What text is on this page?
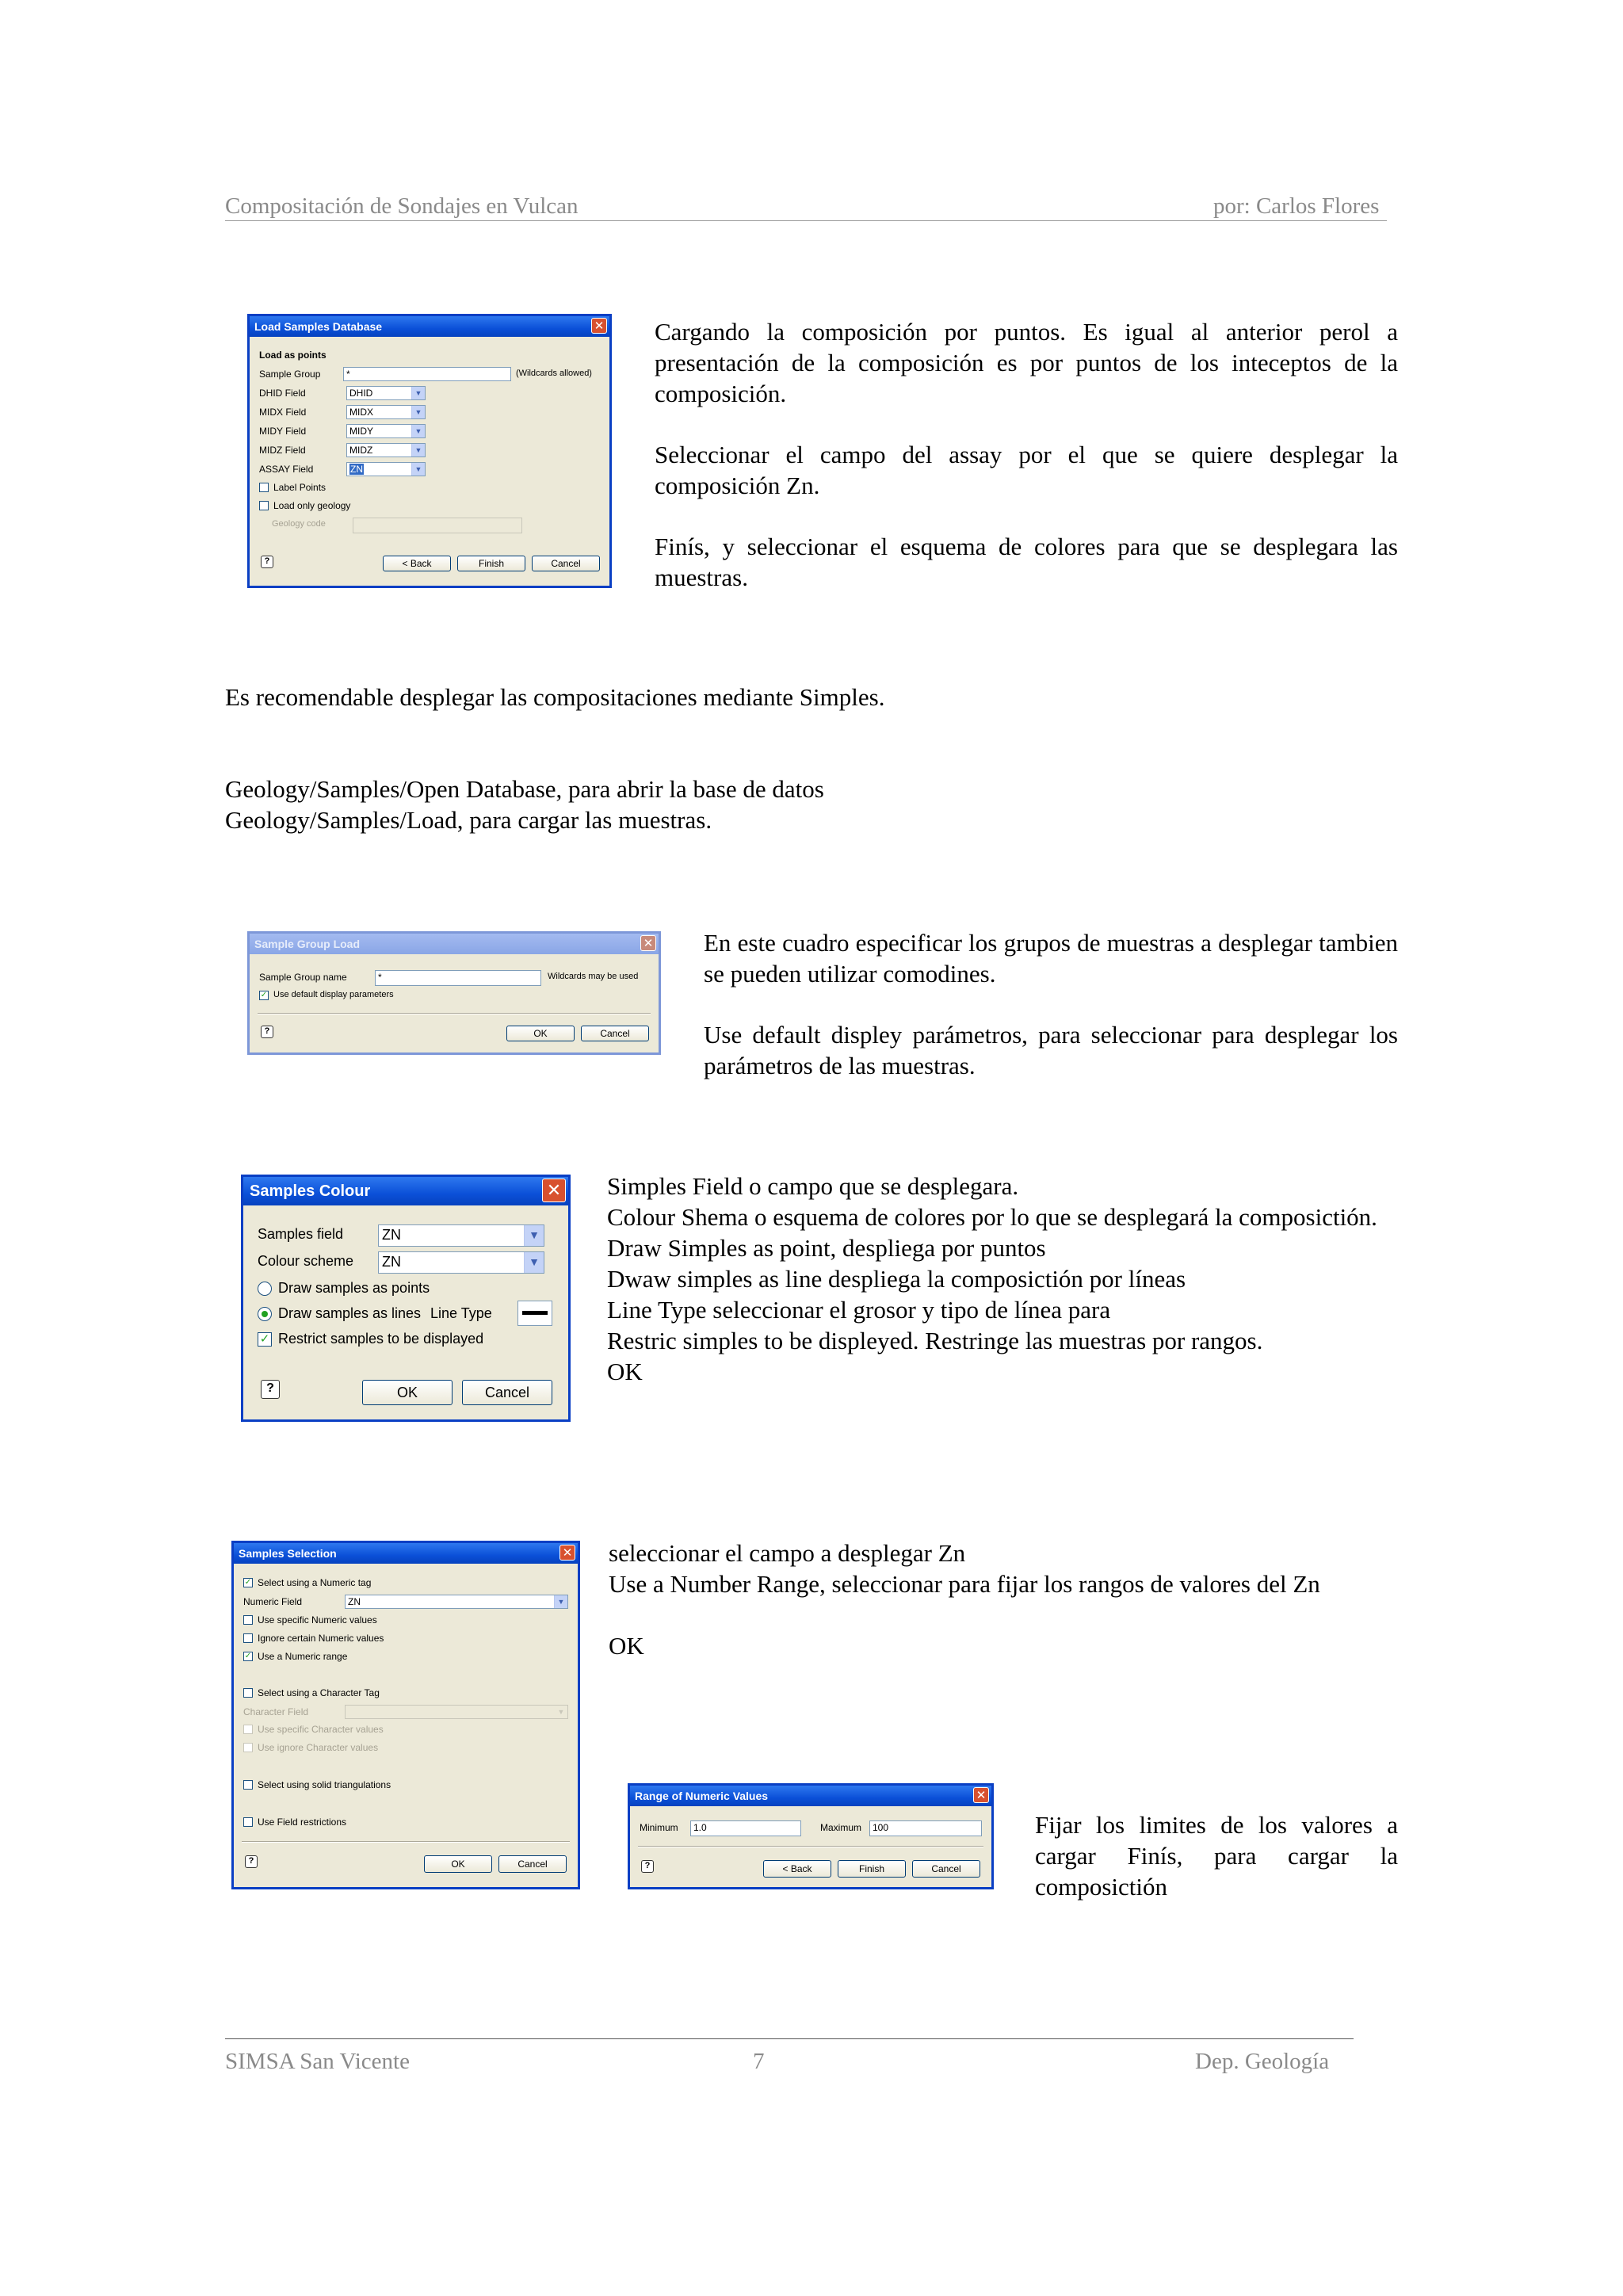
Compositación de Sondajes en Vulcan	por: Carlos Flores
Load Samples Database	✕
Load as points
Sample Group	*	(Wildcards allowed)
DHID Field	DHID	▼
MIDX Field	MIDX	▼
MIDY Field	MIDY	▼
MIDZ Field	MIDZ	▼
ASSAY Field	ZN	▼
Label Points
Load only geology
Geology code
?	< Back	Finish	Cancel

Cargando la composición por puntos. Es igual al anterior perol a presentación de la composición es por puntos de los inteceptos de la composición.

Seleccionar el campo del assay por el que se quiere desplegar la composición Zn.

Finís, y seleccionar el esquema de colores para que se desplegara las muestras.

Es recomendable desplegar las compositaciones mediante Simples.
Geology/Samples/Open Database, para abrir la base de datos
Geology/Samples/Load, para cargar las muestras.
Sample Group Load	✕
Sample Group name	*	Wildcards may be used
✓ Use default display parameters
?	OK	Cancel

En este cuadro especificar los grupos de muestras a desplegar tambien se pueden utilizar comodines.

Use default displey parámetros, para seleccionar para desplegar los parámetros de las muestras.

Samples Colour	✕
Samples field	ZN	▼
Colour scheme ZN	▼
Draw samples as points
Draw samples as lines Line Type
✓ Restrict samples to be displayed
?	OK	Cancel

Simples Field o campo que se desplegara.

Colour Shema o esquema de colores por lo que se desplegará la composictión.

Draw Simples as point, despliega por puntos

Dwaw simples as line despliega la composictión por líneas

Line Type seleccionar el grosor y tipo de línea para

Restric simples to be displeyed. Restringe las muestras por rangos.

OK

Samples Selection	✕
✓ Select using a Numeric tag
Numeric Field	ZN	▼
Use specific Numeric values
Ignore certain Numeric values
✓ Use a Numeric range
Select using a Character Tag
Character Field	▼
Use specific Character values
Use ignore Character values
Select using solid triangulations
Use Field restrictions
?	OK	Cancel

seleccionar el campo a desplegar Zn

Use a Number Range, seleccionar para fijar los rangos de valores del Zn

OK

Range of Numeric Values	✕
Minimum	1.0	Maximum	100
?	< Back	Finish	Cancel
Fijar los limites de los valores a cargar Finís, para cargar la composictión
SIMSA San Vicente	7	Dep. Geología
